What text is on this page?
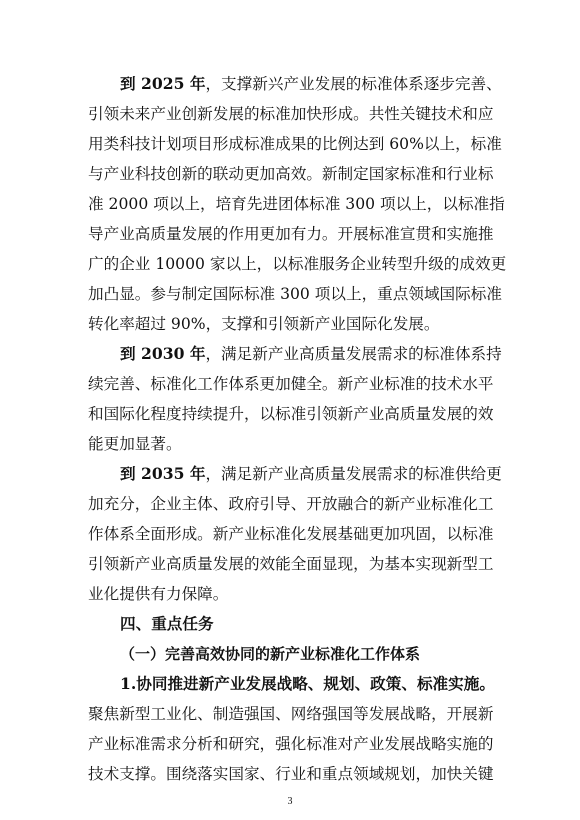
到 2025 年，支撑新兴产业发展的标准体系逐步完善、
引领未来产业创新发展的标准加快形成。共性关键技术和应
用类科技计划项目形成标准成果的比例达到 60%以上，标准
与产业科技创新的联动更加高效。新制定国家标准和行业标
准 2000 项以上，培育先进团体标准 300 项以上，以标准指
导产业高质量发展的作用更加有力。开展标准宣贯和实施推
广的企业 10000 家以上，以标准服务企业转型升级的成效更
加凸显。参与制定国际标准 300 项以上，重点领域国际标准
转化率超过 90%，支撑和引领新产业国际化发展。
到 2030 年，满足新产业高质量发展需求的标准体系持
续完善、标准化工作体系更加健全。新产业标准的技术水平
和国际化程度持续提升，以标准引领新产业高质量发展的效
能更加显著。
到 2035 年，满足新产业高质量发展需求的标准供给更
加充分，企业主体、政府引导、开放融合的新产业标准化工
作体系全面形成。新产业标准化发展基础更加巩固，以标准
引领新产业高质量发展的效能全面显现，为基本实现新型工
业化提供有力保障。
四、重点任务
（一）完善高效协同的新产业标准化工作体系
1.协同推进新产业发展战略、规划、政策、标准实施。
聚焦新型工业化、制造强国、网络强国等发展战略，开展新
产业标准需求分析和研究，强化标准对产业发展战略实施的
3
技术支撑。围绕落实国家、行业和重点领域规划，加快关键
